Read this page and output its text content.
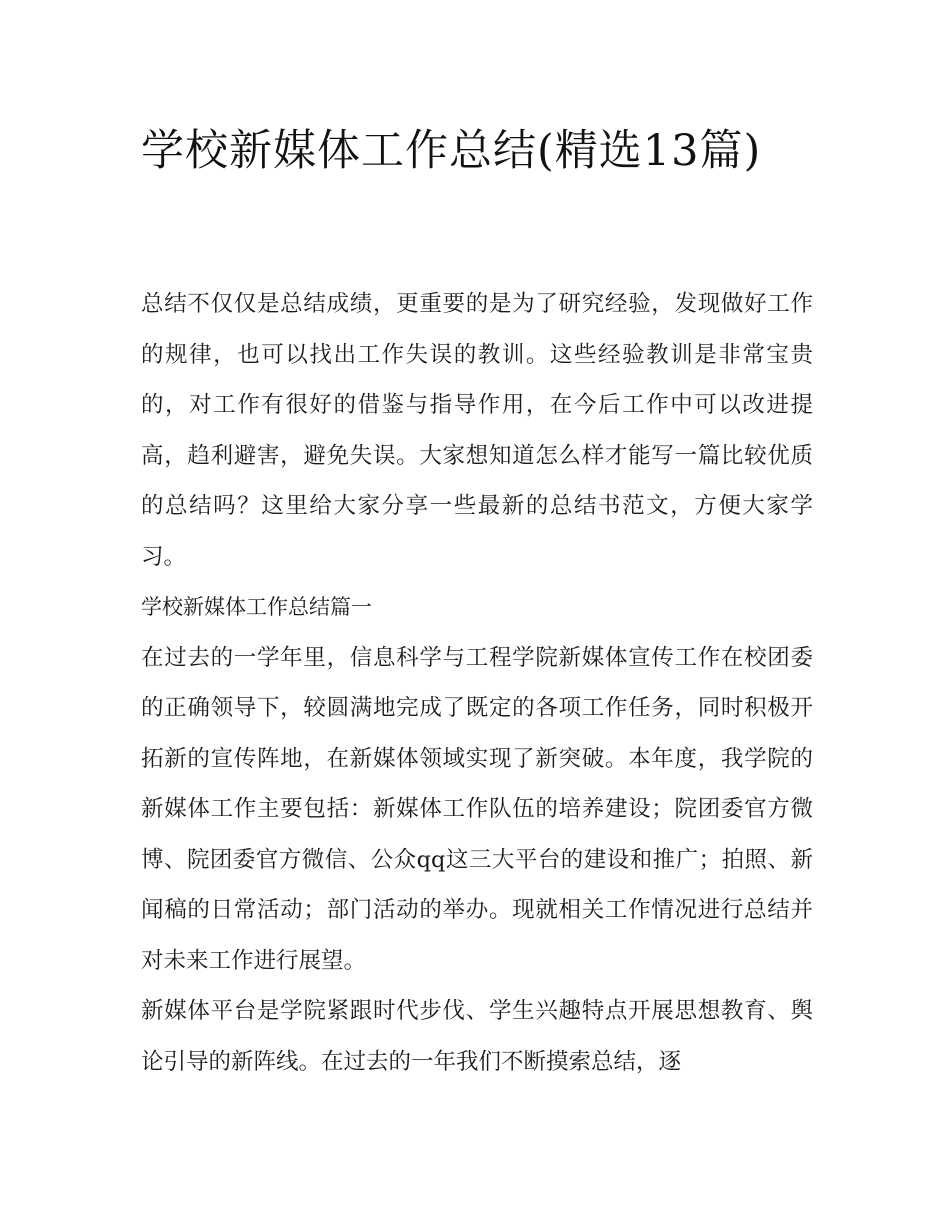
学校新媒体工作总结(精选13篇)

总结不仅仅是总结成绩，更重要的是为了研究经验，发现做好工作的规律，也可以找出工作失误的教训。这些经验教训是非常宝贵的，对工作有很好的借鉴与指导作用，在今后工作中可以改进提高，趋利避害，避免失误。大家想知道怎么样才能写一篇比较优质的总结吗？这里给大家分享一些最新的总结书范文，方便大家学习。

学校新媒体工作总结篇一

在过去的一学年里，信息科学与工程学院新媒体宣传工作在校团委的正确领导下，较圆满地完成了既定的各项工作任务，同时积极开拓新的宣传阵地，在新媒体领域实现了新突破。本年度，我学院的新媒体工作主要包括：新媒体工作队伍的培养建设；院团委官方微博、院团委官方微信、公众qq这三大平台的建设和推广；拍照、新闻稿的日常活动；部门活动的举办。现就相关工作情况进行总结并对未来工作进行展望。

新媒体平台是学院紧跟时代步伐、学生兴趣特点开展思想教育、舆论引导的新阵线。在过去的一年我们不断摸索总结，逐
